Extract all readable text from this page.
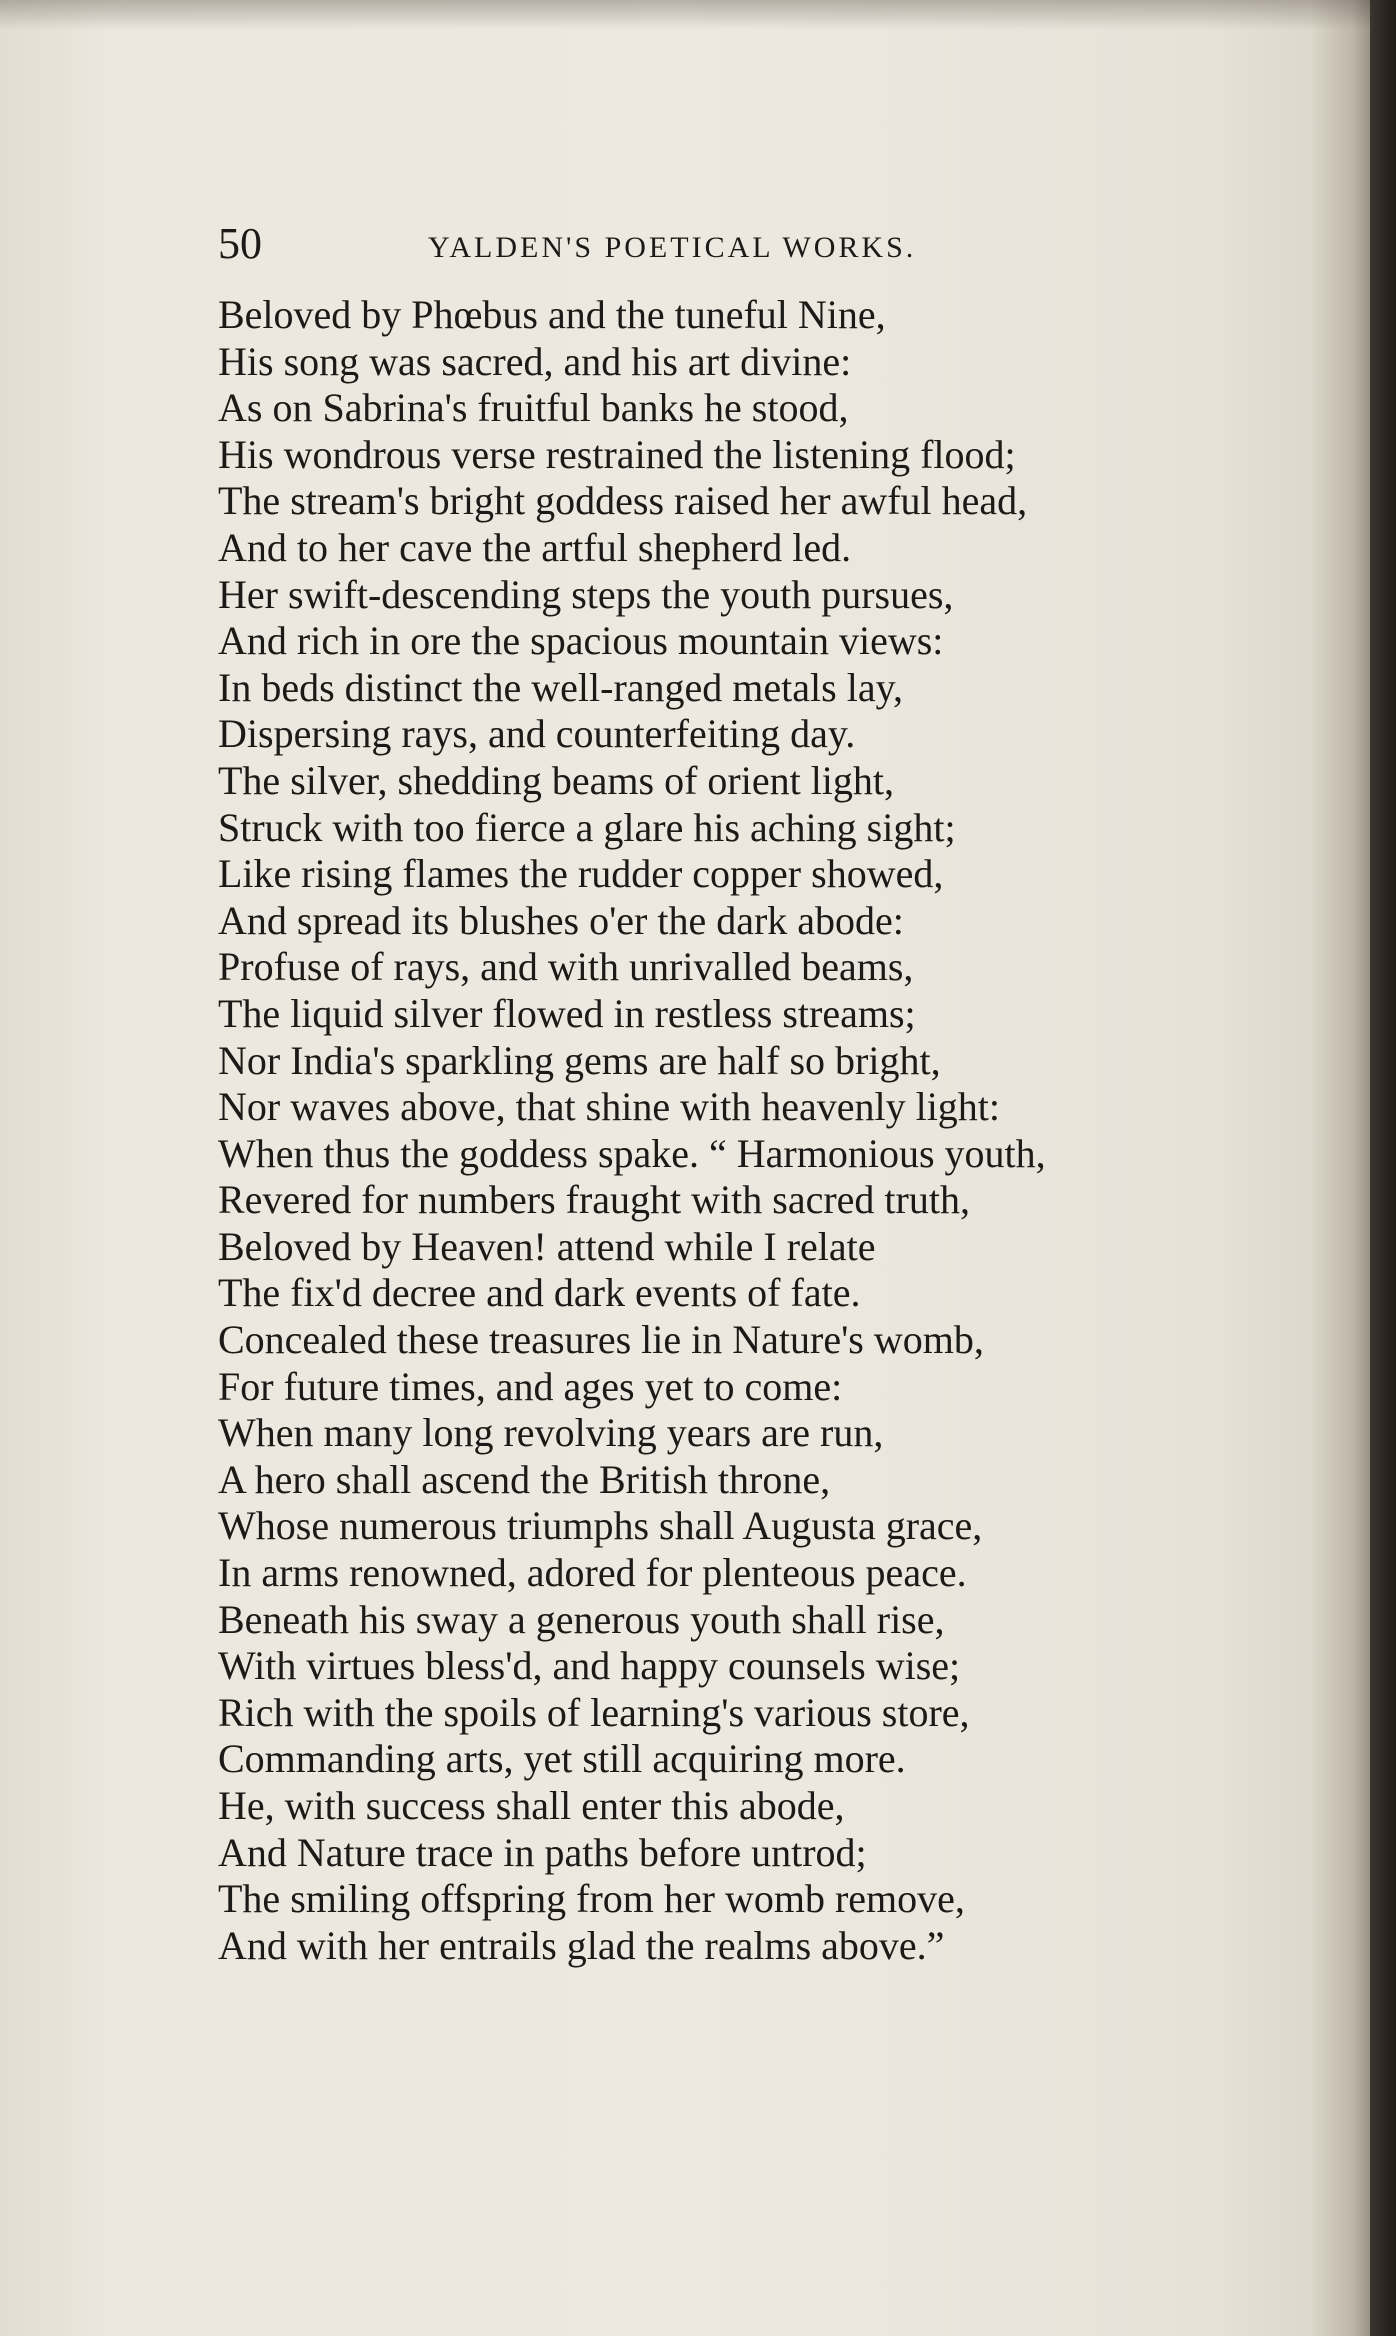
50	YALDEN'S POETICAL WORKS.
Beloved by Phœbus and the tuneful Nine,
His song was sacred, and his art divine:
As on Sabrina's fruitful banks he stood,
His wondrous verse restrained the listening flood;
The stream's bright goddess raised her awful head,
And to her cave the artful shepherd led.
Her swift-descending steps the youth pursues,
And rich in ore the spacious mountain views:
In beds distinct the well-ranged metals lay,
Dispersing rays, and counterfeiting day.
The silver, shedding beams of orient light,
Struck with too fierce a glare his aching sight;
Like rising flames the rudder copper showed,
And spread its blushes o'er the dark abode:
Profuse of rays, and with unrivalled beams,
The liquid silver flowed in restless streams;
Nor India's sparkling gems are half so bright,
Nor waves above, that shine with heavenly light:
When thus the goddess spake. “ Harmonious youth,
Revered for numbers fraught with sacred truth,
Beloved by Heaven! attend while I relate
The fix'd decree and dark events of fate.
Concealed these treasures lie in Nature's womb,
For future times, and ages yet to come:
When many long revolving years are run,
A hero shall ascend the British throne,
Whose numerous triumphs shall Augusta grace,
In arms renowned, adored for plenteous peace.
Beneath his sway a generous youth shall rise,
With virtues bless'd, and happy counsels wise;
Rich with the spoils of learning's various store,
Commanding arts, yet still acquiring more.
He, with success shall enter this abode,
And Nature trace in paths before untrod;
The smiling offspring from her womb remove,
And with her entrails glad the realms above.”
